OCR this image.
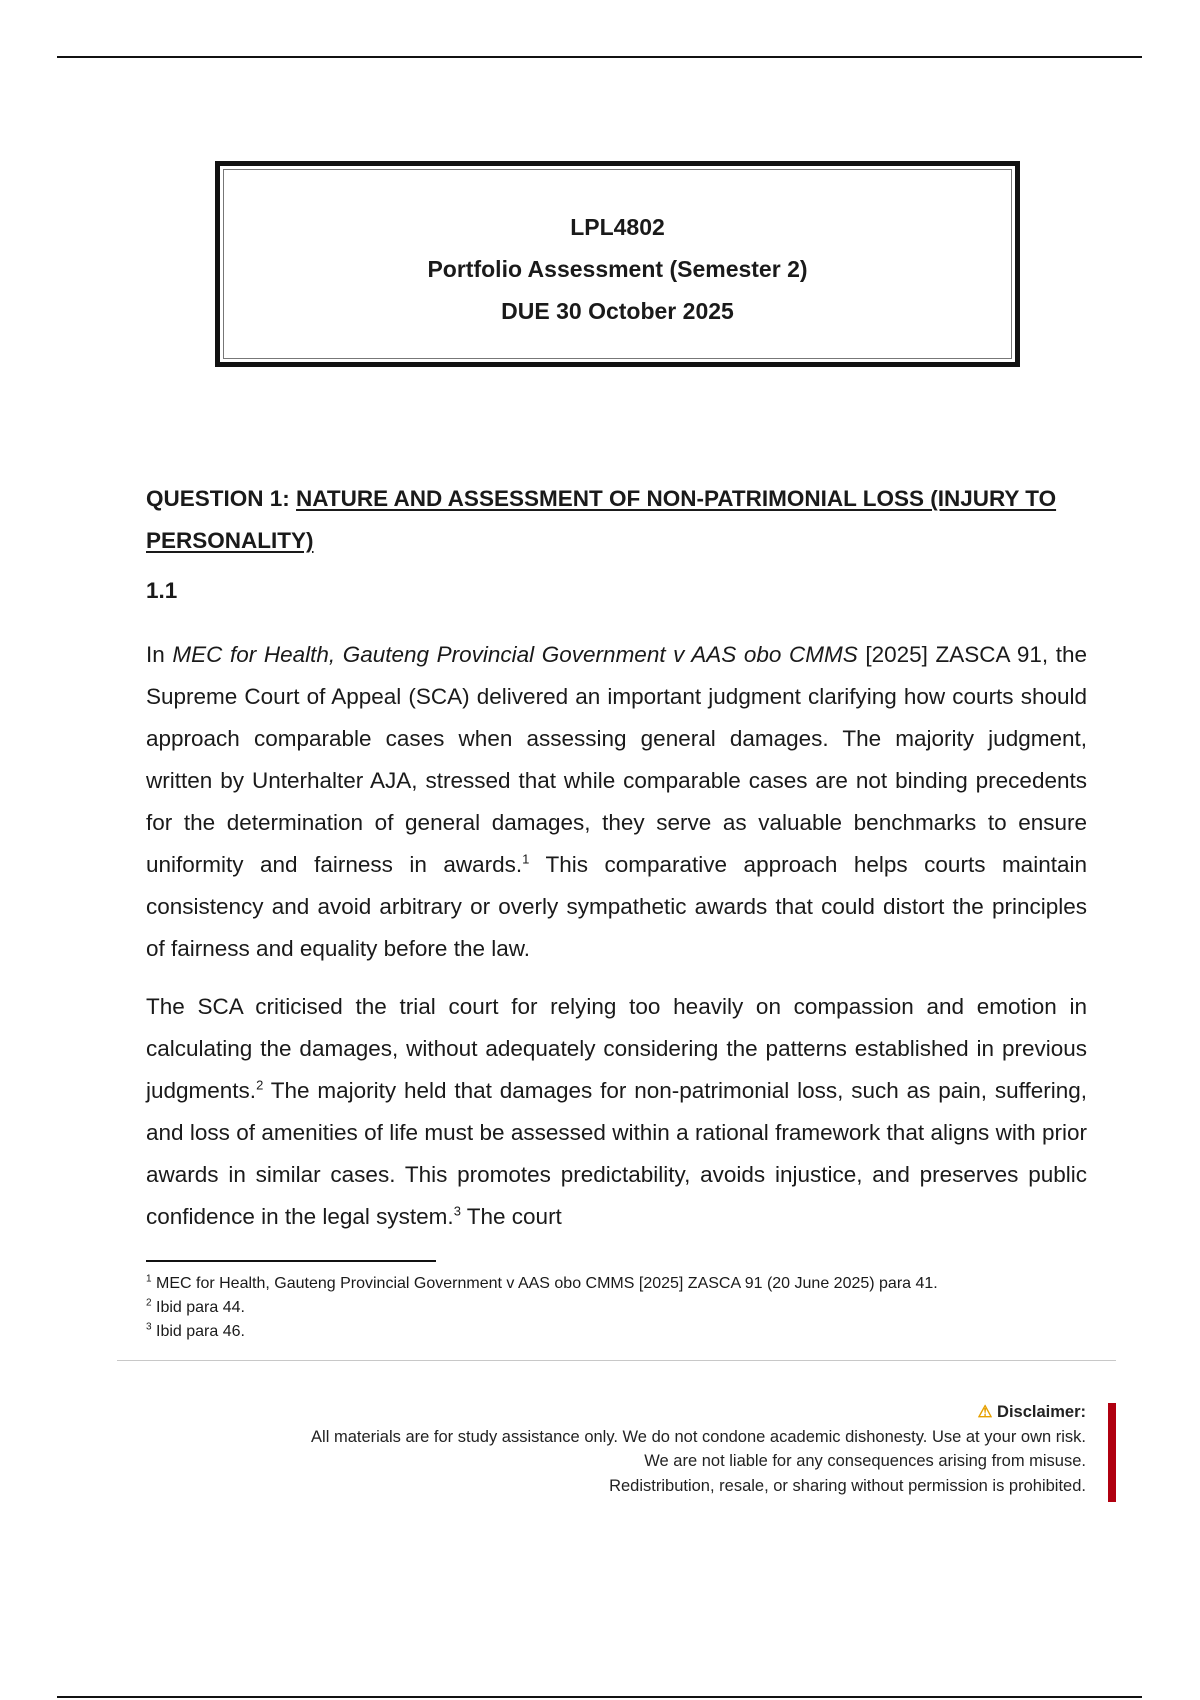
LPL4802
Portfolio Assessment (Semester 2)
DUE 30 October 2025
QUESTION 1: NATURE AND ASSESSMENT OF NON-PATRIMONIAL LOSS (INJURY TO PERSONALITY)
1.1

In MEC for Health, Gauteng Provincial Government v AAS obo CMMS [2025] ZASCA 91, the Supreme Court of Appeal (SCA) delivered an important judgment clarifying how courts should approach comparable cases when assessing general damages. The majority judgment, written by Unterhalter AJA, stressed that while comparable cases are not binding precedents for the determination of general damages, they serve as valuable benchmarks to ensure uniformity and fairness in awards.$^1$ This comparative approach helps courts maintain consistency and avoid arbitrary or overly sympathetic awards that could distort the principles of fairness and equality before the law.

The SCA criticised the trial court for relying too heavily on compassion and emotion in calculating the damages, without adequately considering the patterns established in previous judgments.$^2$ The majority held that damages for non-patrimonial loss, such as pain, suffering, and loss of amenities of life must be assessed within a rational framework that aligns with prior awards in similar cases. This promotes predictability, avoids injustice, and preserves public confidence in the legal system.$^3$ The court

$^1$ MEC for Health, Gauteng Provincial Government v AAS obo CMMS [2025] ZASCA 91 (20 June 2025) para 41.
$^2$ Ibid para 44.
$^3$ Ibid para 46.
⚠ Disclaimer:
All materials are for study assistance only. We do not condone academic dishonesty. Use at your own risk.
We are not liable for any consequences arising from misuse.
Redistribution, resale, or sharing without permission is prohibited.
